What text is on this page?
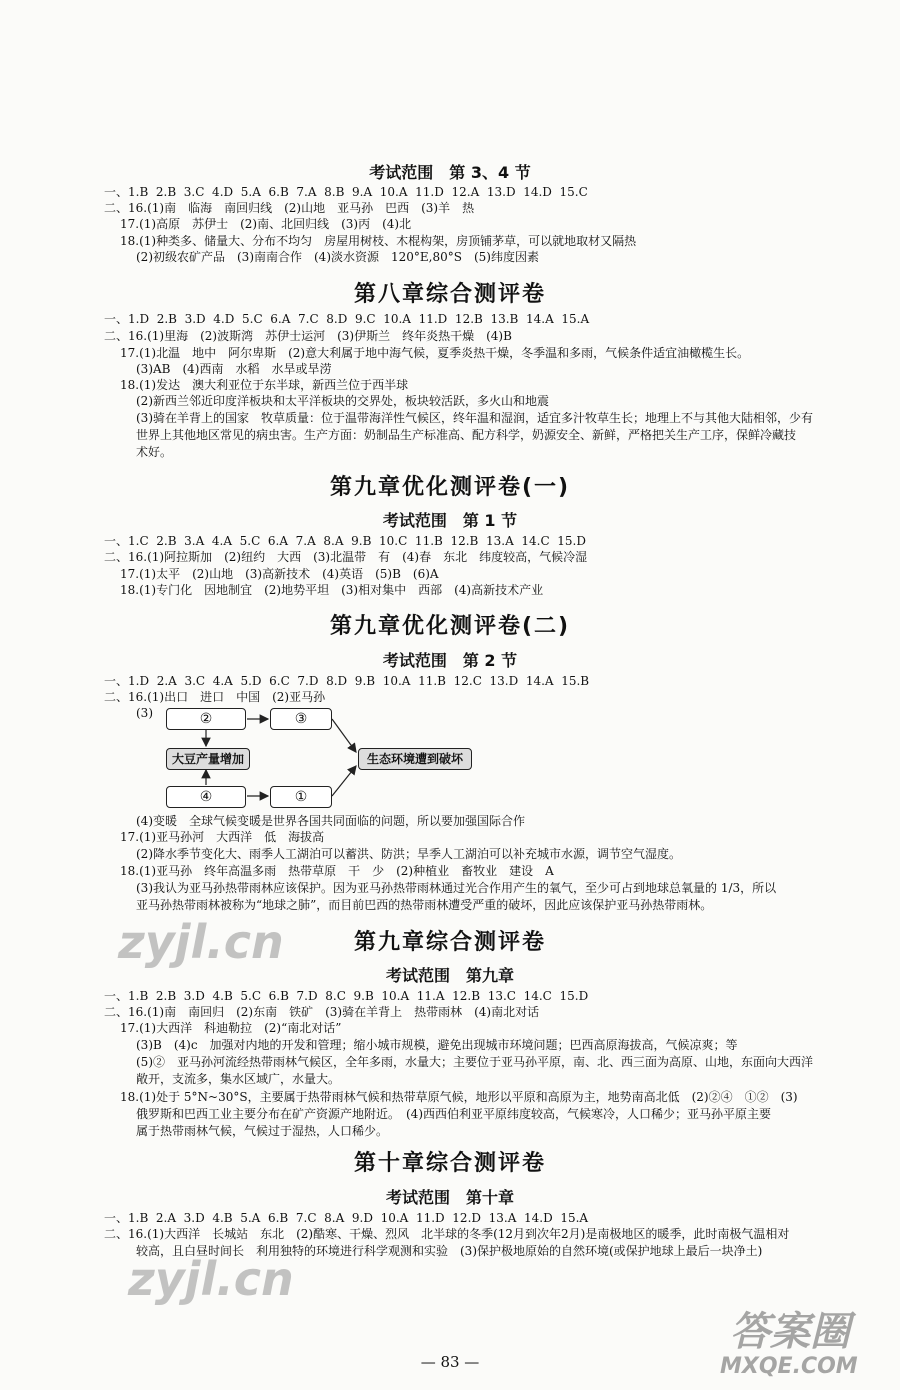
考试范围　第 3、4 节
一、1.B  2.B  3.C  4.D  5.A  6.B  7.A  8.B  9.A  10.A  11.D  12.A  13.D  14.D  15.C
二、16.(1)南　临海　南回归线　(2)山地　亚马孙　巴西　(3)羊　热
17.(1)高原　苏伊士　(2)南、北回归线　(3)丙　(4)北
18.(1)种类多、储量大、分布不均匀　房屋用树枝、木棍构架，房顶铺茅草，可以就地取材又隔热
(2)初级农矿产品　(3)南南合作　(4)淡水资源　120°E,80°S　(5)纬度因素
第八章综合测评卷
一、1.D  2.B  3.D  4.D  5.C  6.A  7.C  8.D  9.C  10.A  11.D  12.B  13.B  14.A  15.A
二、16.(1)里海　(2)波斯湾　苏伊士运河　(3)伊斯兰　终年炎热干燥　(4)B
17.(1)北温　地中　阿尔卑斯　(2)意大利属于地中海气候，夏季炎热干燥，冬季温和多雨，气候条件适宜油橄榄生长。
(3)AB　(4)西南　水稻　水旱或旱涝
18.(1)发达　澳大利亚位于东半球，新西兰位于西半球
(2)新西兰邻近印度洋板块和太平洋板块的交界处，板块较活跃，多火山和地震
(3)骑在羊背上的国家　牧草质量：位于温带海洋性气候区，终年温和湿润，适宜多汁牧草生长；地理上不与其他大陆相邻，少有
世界上其他地区常见的病虫害。生产方面：奶制品生产标准高、配方科学，奶源安全、新鲜，严格把关生产工序，保鲜冷藏技
术好。
第九章优化测评卷(一)
考试范围　第 1 节
一、1.C  2.B  3.A  4.A  5.C  6.A  7.A  8.A  9.B  10.C  11.B  12.B  13.A  14.C  15.D
二、16.(1)阿拉斯加　(2)纽约　大西　(3)北温带　有　(4)春　东北　纬度较高，气候冷湿
17.(1)太平　(2)山地　(3)高新技术　(4)英语　(5)B　(6)A
18.(1)专门化　因地制宜　(2)地势平坦　(3)相对集中　西部　(4)高新技术产业
第九章优化测评卷(二)
考试范围　第 2 节
一、1.D  2.A  3.C  4.A  5.D  6.C  7.D  8.D  9.B  10.A  11.B  12.C  13.D  14.A  15.B
二、16.(1)出口　进口　中国　(2)亚马孙
(3)	②	③
大豆产量增加	生态环境遭到破坏
④	①
(4)变暖　全球气候变暖是世界各国共同面临的问题，所以要加强国际合作
17.(1)亚马孙河　大西洋　低　海拔高
(2)降水季节变化大、雨季人工湖泊可以蓄洪、防洪；旱季人工湖泊可以补充城市水源，调节空气湿度。
18.(1)亚马孙　终年高温多雨　热带草原　干　少　(2)种植业　畜牧业　建设　A
(3)我认为亚马孙热带雨林应该保护。因为亚马孙热带雨林通过光合作用产生的氧气，至少可占到地球总氧量的 1/3，所以
亚马孙热带雨林被称为“地球之肺”，而目前巴西的热带雨林遭受严重的破坏，因此应该保护亚马孙热带雨林。
第九章综合测评卷
考试范围　第九章
一、1.B  2.B  3.D  4.B  5.C  6.B  7.D  8.C  9.B  10.A  11.A  12.B  13.C  14.C  15.D
二、16.(1)南　南回归　(2)东南　铁矿　(3)骑在羊背上　热带雨林　(4)南北对话
17.(1)大西洋　科迪勒拉　(2)“南北对话”
(3)B　(4)c　加强对内地的开发和管理；缩小城市规模，避免出现城市环境问题；巴西高原海拔高，气候凉爽；等
(5)②　亚马孙河流经热带雨林气候区，全年多雨，水量大；主要位于亚马孙平原，南、北、西三面为高原、山地，东面向大西洋
敞开，支流多，集水区域广，水量大。
18.(1)处于 5°N~30°S，主要属于热带雨林气候和热带草原气候，地形以平原和高原为主，地势南高北低　(2)②④　①②　(3)
俄罗斯和巴西工业主要分布在矿产资源产地附近。　(4)西西伯利亚平原纬度较高，气候寒冷，人口稀少；亚马孙平原主要
属于热带雨林气候，气候过于湿热，人口稀少。
第十章综合测评卷
考试范围　第十章
一、1.B  2.A  3.D  4.B  5.A  6.B  7.C  8.A  9.D  10.A  11.D  12.D  13.A  14.D  15.A
二、16.(1)大西洋　长城站　东北　(2)酷寒、干燥、烈风　北半球的冬季(12月到次年2月)是南极地区的暖季，此时南极气温相对
较高，且白昼时间长　利用独特的环境进行科学观测和实验　(3)保护极地原始的自然环境(或保护地球上最后一块净土)
— 83 —
zyjl.cn
zyjl.cn
答案圈
MXQE.COM
